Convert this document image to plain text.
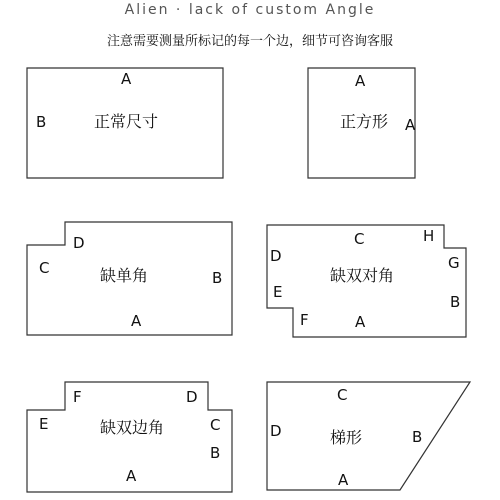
Alien · lack of custom Angle
注意需要测量所标记的每一个边，细节可咨询客服
正常尺寸
A
B	正方形
A
A
缺单角
D
C
B
A
缺双对角
C	H
D	G
E
B
F	A
缺双边角
F	D
E	C
B
A
梯形
C
D	B
A
